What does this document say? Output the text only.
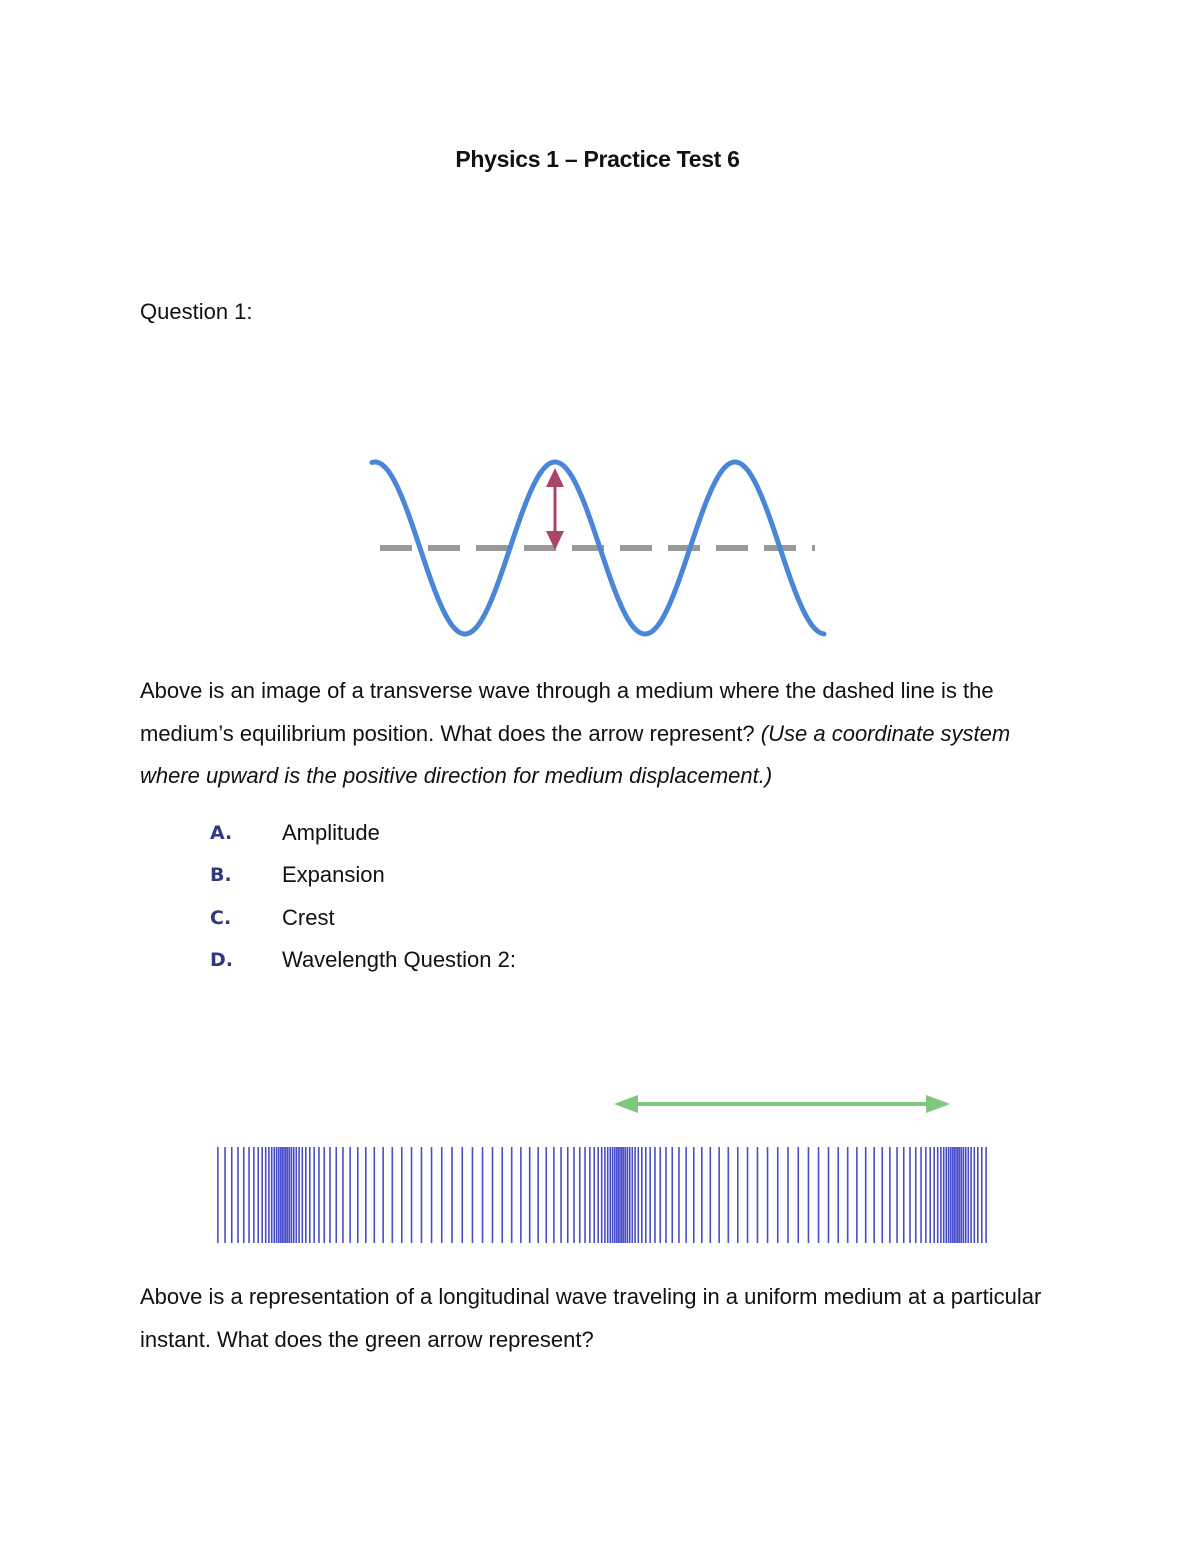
Physics 1 – Practice Test 6
Question 1:

Above is an image of a transverse wave through a medium where the dashed line is the medium’s equilibrium position. What does the arrow represent? (Use a coordinate system where upward is the positive direction for medium displacement.)

A. Amplitude
B. Expansion
C. Crest
D. Wavelength Question 2:

Above is a representation of a longitudinal wave traveling in a uniform medium at a particular instant. What does the green arrow represent?
